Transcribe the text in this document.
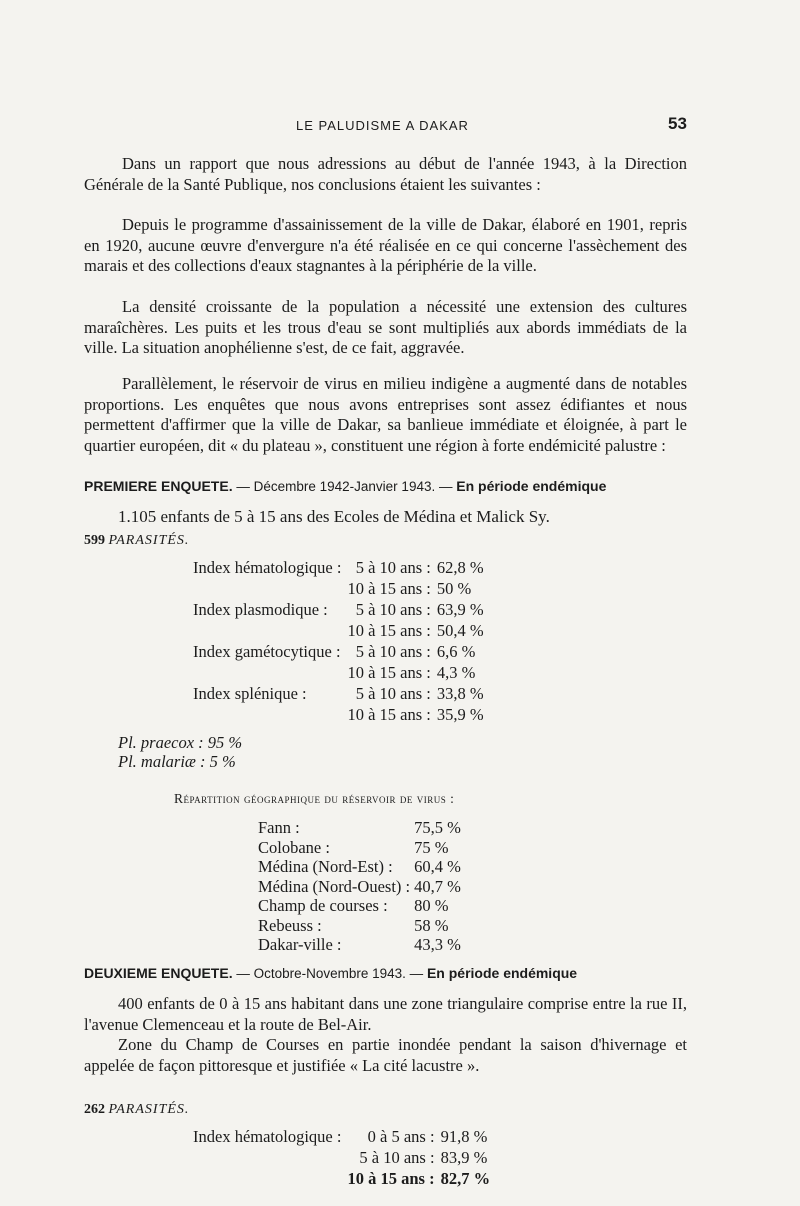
LE PALUDISME A DAKAR	53
Dans un rapport que nous adressions au début de l'année 1943, à la Direction Générale de la Santé Publique, nos conclusions étaient les suivantes :
Depuis le programme d'assainissement de la ville de Dakar, élaboré en 1901, repris en 1920, aucune œuvre d'envergure n'a été réalisée en ce qui concerne l'assèchement des marais et des collections d'eaux stagnantes à la périphérie de la ville.
La densité croissante de la population a nécessité une extension des cultures maraîchères. Les puits et les trous d'eau se sont multipliés aux abords immédiats de la ville. La situation anophélienne s'est, de ce fait, aggravée.
Parallèlement, le réservoir de virus en milieu indigène a augmenté dans de notables proportions. Les enquêtes que nous avons entreprises sont assez édifiantes et nous permettent d'affirmer que la ville de Dakar, sa banlieue immédiate et éloignée, à part le quartier européen, dit « du plateau », constituent une région à forte endémicité palustre :
PREMIERE ENQUETE. — Décembre 1942-Janvier 1943. — En période endémique
1.105 enfants de 5 à 15 ans des Ecoles de Médina et Malick Sy.
599 PARASITÉS.
Index hématologique :	5 à 10 ans :	62,8 %
	10 à 15 ans :	50 %
Index plasmodique :	5 à 10 ans :	63,9 %
	10 à 15 ans :	50,4 %
Index gamétocytique :	5 à 10 ans :	6,6 %
	10 à 15 ans :	4,3 %
Index splénique :	5 à 10 ans :	33,8 %
	10 à 15 ans :	35,9 %
Pl. praecox : 95 %
Pl. malariæ : 5 %
Répartition géographique du réservoir de virus :
Fann :	75,5 %
Colobane :	75 %
Médina (Nord-Est) :	60,4 %
Médina (Nord-Ouest) :	40,7 %
Champ de courses :	80 %
Rebeuss :	58 %
Dakar-ville :	43,3 %
DEUXIEME ENQUETE. — Octobre-Novembre 1943. — En période endémique
400 enfants de 0 à 15 ans habitant dans une zone triangulaire comprise entre la rue II, l'avenue Clemenceau et la route de Bel-Air.
Zone du Champ de Courses en partie inondée pendant la saison d'hivernage et appelée de façon pittoresque et justifiée « La cité lacustre ».
262 PARASITÉS.
Index hématologique :	0 à 5 ans :	91,8 %
	5 à 10 ans :	83,9 %
	10 à 15 ans :	82,7 %
